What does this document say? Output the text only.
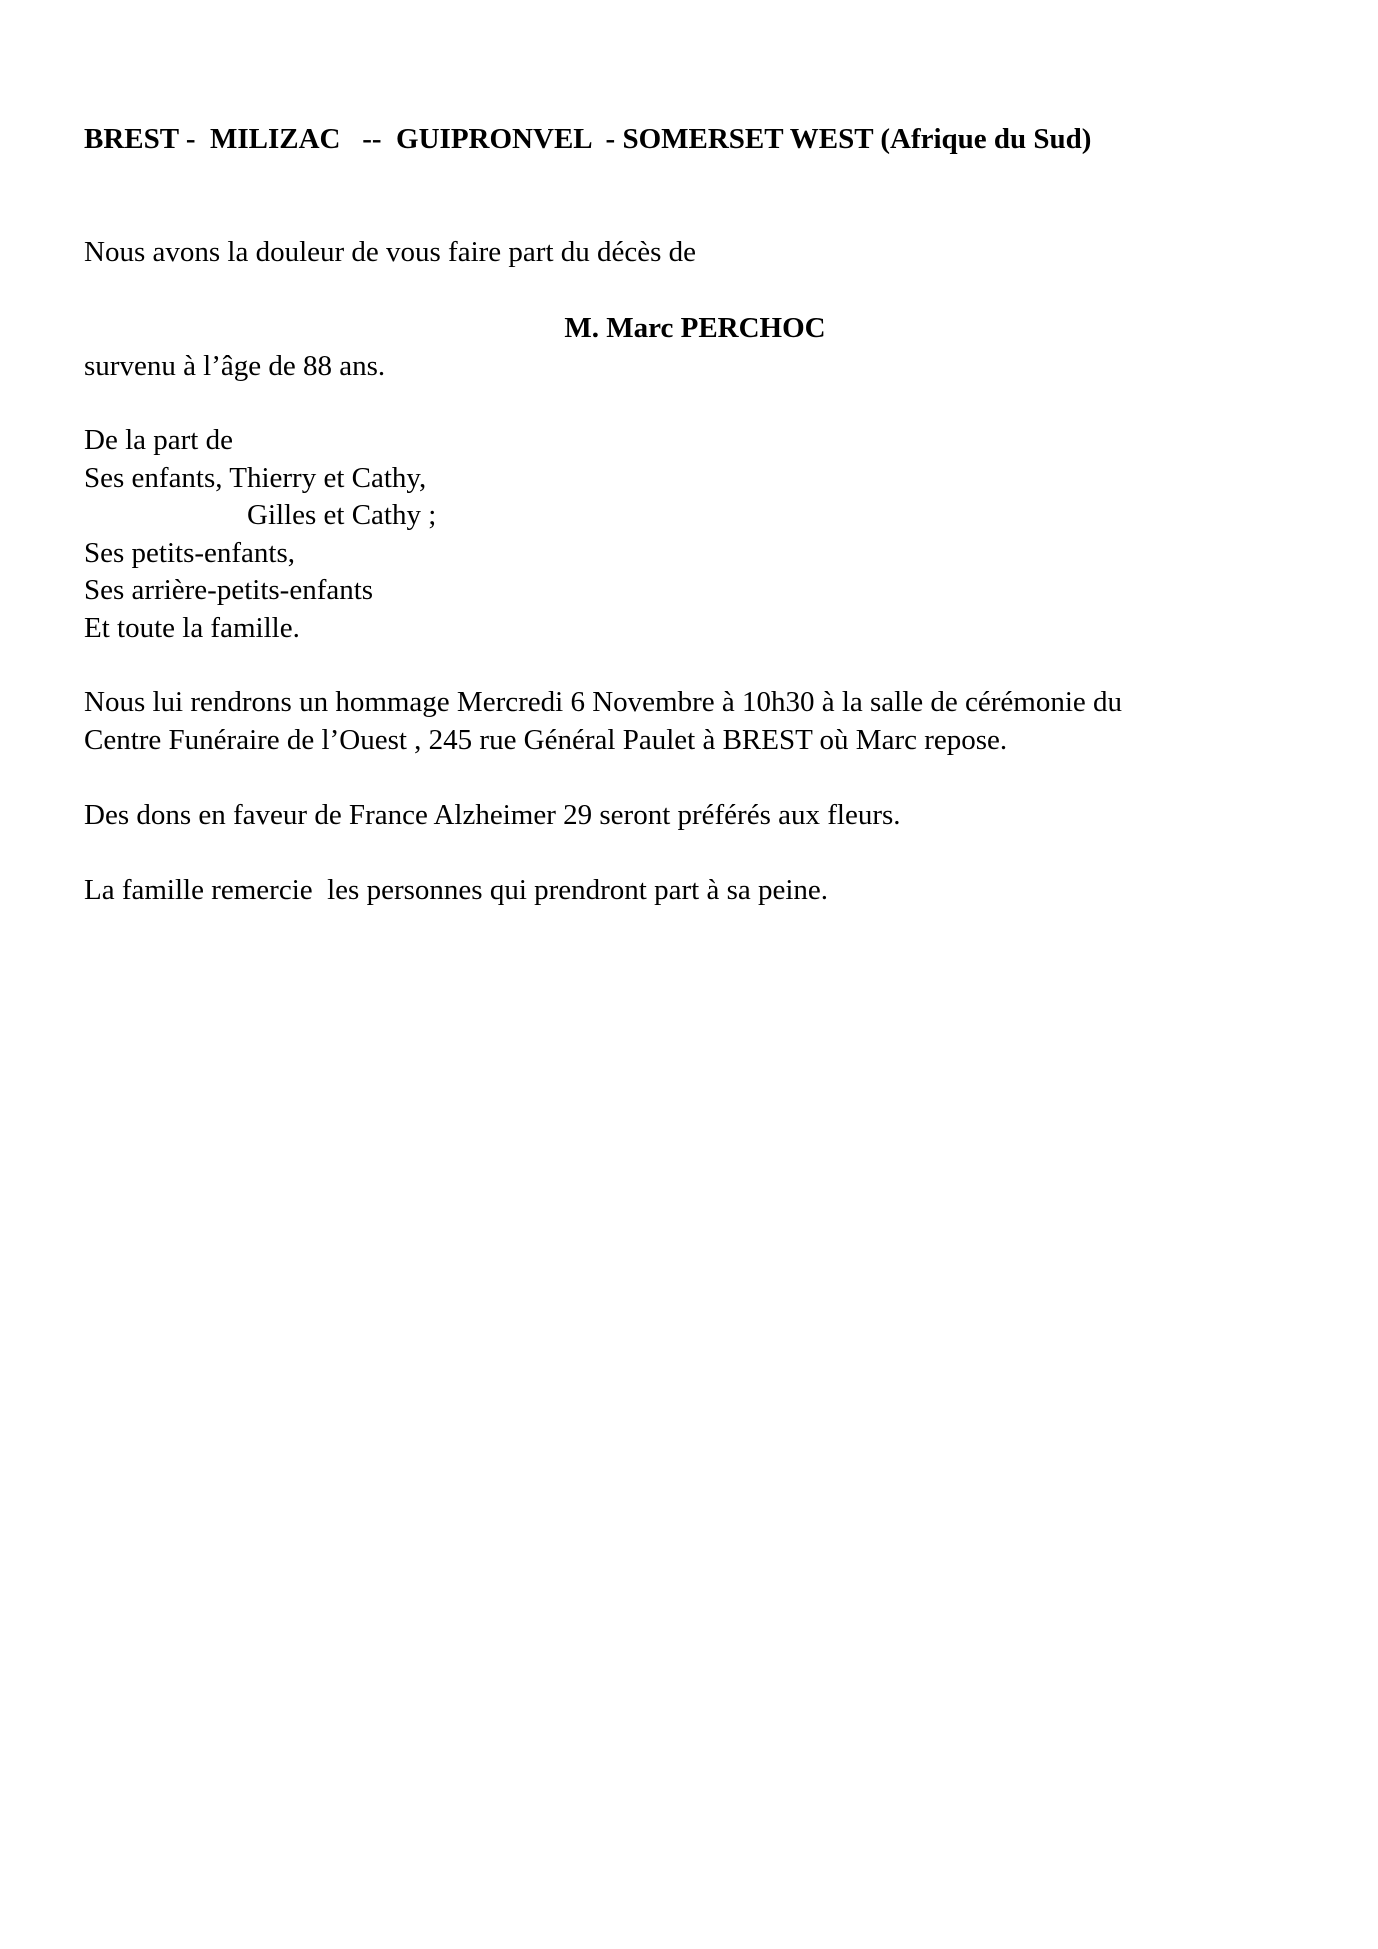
BREST -  MILIZAC   --  GUIPRONVEL  - SOMERSET WEST (Afrique du Sud)

Nous avons la douleur de vous faire part du décès de

M. Marc PERCHOC

survenu à l’âge de 88 ans.

De la part de

Ses enfants, Thierry et Cathy,

Gilles et Cathy ;

Ses petits-enfants,

Ses arrière-petits-enfants

Et toute la famille.

Nous lui rendrons un hommage Mercredi 6 Novembre à 10h30 à la salle de cérémonie du

Centre Funéraire de l’Ouest , 245 rue Général Paulet à BREST où Marc repose.

Des dons en faveur de France Alzheimer 29 seront préférés aux fleurs.

La famille remercie  les personnes qui prendront part à sa peine.
